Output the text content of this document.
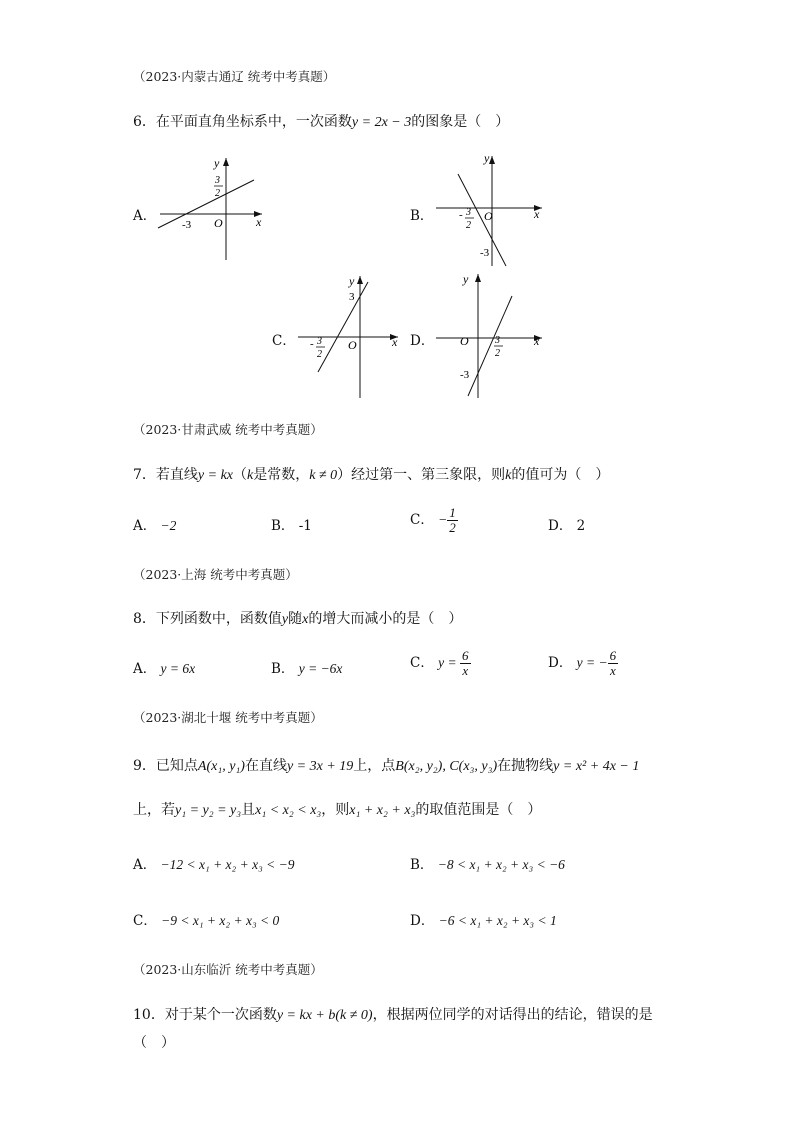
（2023·内蒙古通辽 统考中考真题）
6．在平面直角坐标系中，一次函数y = 2x − 3的图象是（　）
A．	x
y
O
-3
3
2
B．	x
y
O
- 3
2
-3
C．	x
y
O
- 3
2
3
D．	x
y
O	3
2
-3
（2023·甘肃武威 统考中考真题）
7．若直线y = kx（k是常数，k ≠ 0）经过第一、第三象限，则k的值可为（　）
A． −2	B． -1	C． − $\frac{1}{2}$	D． 2
（2023·上海 统考中考真题）
8．下列函数中，函数值y随x的增大而减小的是（　）
A． y = 6x	B． y = −6x	C． $y = \frac{6}{x}$	D． y = − $\frac{6}{x}$
（2023·湖北十堰 统考中考真题）
9．已知点A(x₁, y₁)在直线y = 3x + 19上，点B(x₂, y₂), C(x₃, y₃)在抛物线y = x² + 4x − 1
上，若y₁ = y₂ = y₃且x₁ < x₂ < x₃，则x₁ + x₂ + x₃的取值范围是（　）
A． −12 < x₁ + x₂ + x₃ < −9	B． −8 < x₁ + x₂ + x₃ < −6
C． −9 < x₁ + x₂ + x₃ < 0	D． −6 < x₁ + x₂ + x₃ < 1
（2023·山东临沂 统考中考真题）
10．对于某个一次函数y = kx + b(k ≠ 0)，根据两位同学的对话得出的结论，错误的是
（　）
